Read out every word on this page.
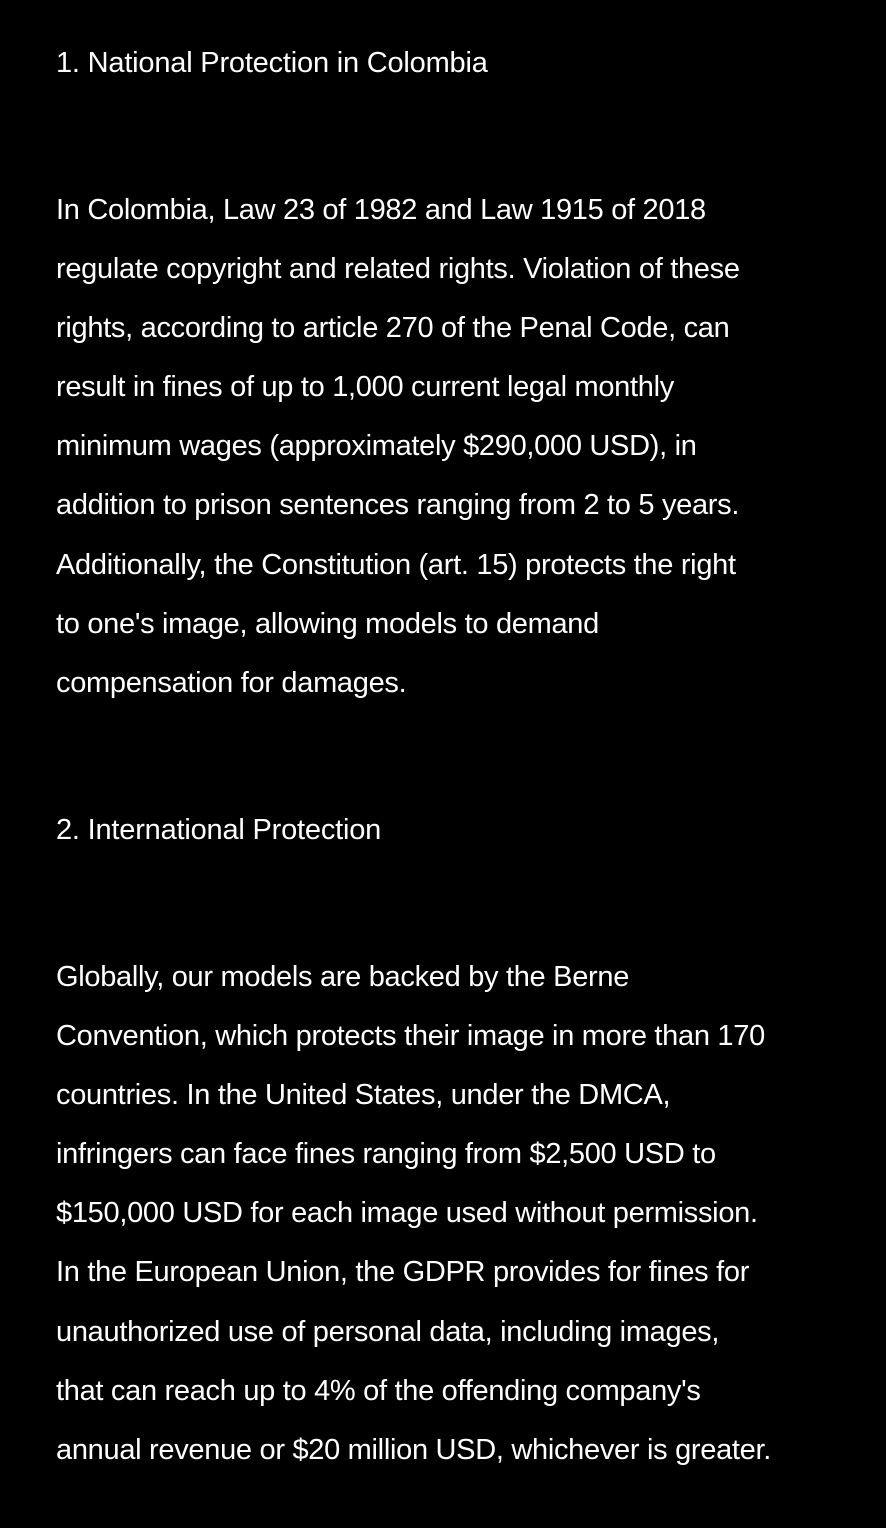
1. National Protection in Colombia

In Colombia, Law 23 of 1982 and Law 1915 of 2018
regulate copyright and related rights. Violation of these
rights, according to article 270 of the Penal Code, can
result in fines of up to 1,000 current legal monthly
minimum wages (approximately $290,000 USD), in
addition to prison sentences ranging from 2 to 5 years.
Additionally, the Constitution (art. 15) protects the right
to one's image, allowing models to demand
compensation for damages.

2. International Protection

Globally, our models are backed by the Berne
Convention, which protects their image in more than 170
countries. In the United States, under the DMCA,
infringers can face fines ranging from $2,500 USD to
$150,000 USD for each image used without permission.
In the European Union, the GDPR provides for fines for
unauthorized use of personal data, including images,
that can reach up to 4% of the offending company's
annual revenue or $20 million USD, whichever is greater.
